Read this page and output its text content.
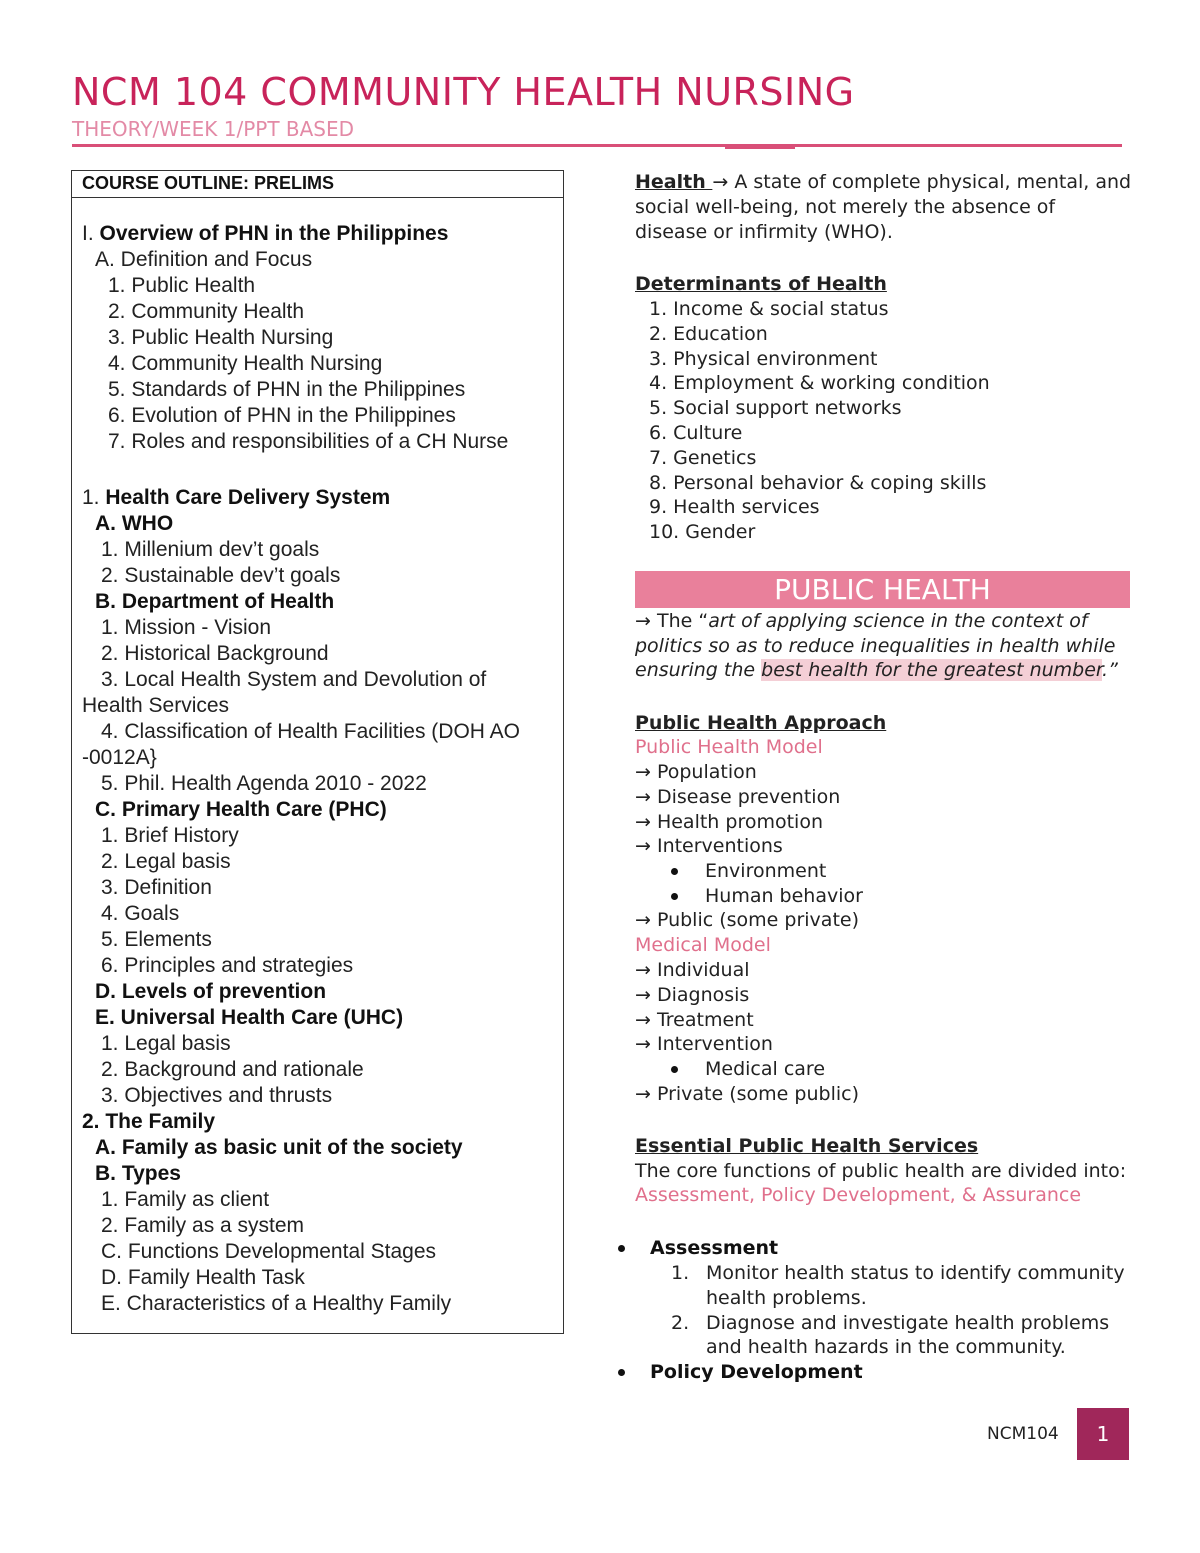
NCM 104 COMMUNITY HEALTH NURSING
THEORY/WEEK 1/PPT BASED
COURSE OUTLINE: PRELIMS
I. Overview of PHN in the Philippines
A. Definition and Focus
1. Public Health
2. Community Health
3. Public Health Nursing
4. Community Health Nursing
5. Standards of PHN in the Philippines
6. Evolution of PHN in the Philippines
7. Roles and responsibilities of a CH Nurse
1. Health Care Delivery System
A. WHO
1. Millenium dev’t goals
2. Sustainable dev’t goals
B. Department of Health
1. Mission - Vision
2. Historical Background
3. Local Health System and Devolution of
Health Services
4. Classification of Health Facilities (DOH AO
-0012A}
5. Phil. Health Agenda 2010 - 2022
C. Primary Health Care (PHC)
1. Brief History
2. Legal basis
3. Definition
4. Goals
5. Elements
6. Principles and strategies
D. Levels of prevention
E. Universal Health Care (UHC)
1. Legal basis
2. Background and rationale
3. Objectives and thrusts
2. The Family
A. Family as basic unit of the society
B. Types
1. Family as client
2. Family as a system
C. Functions Developmental Stages
D. Family Health Task
E. Characteristics of a Healthy Family
Health → A state of complete physical, mental, and
social well-being, not merely the absence of
disease or infirmity (WHO).
Determinants of Health
1. Income & social status
2. Education
3. Physical environment
4. Employment & working condition
5. Social support networks
6. Culture
7. Genetics
8. Personal behavior & coping skills
9. Health services
10. Gender
PUBLIC HEALTH
→ The “art of applying science in the context of
politics so as to reduce inequalities in health while
ensuring the best health for the greatest number.”
Public Health Approach
Public Health Model
→ Population
→ Disease prevention
→ Health promotion
→ Interventions
Environment
Human behavior
→ Public (some private)
Medical Model
→ Individual
→ Diagnosis
→ Treatment
→ Intervention
Medical care
→ Private (some public)
Essential Public Health Services
The core functions of public health are divided into:
Assessment, Policy Development, & Assurance
Assessment
1. Monitor health status to identify community
health problems.
2. Diagnose and investigate health problems
and health hazards in the community.
Policy Development
NCM104	1
